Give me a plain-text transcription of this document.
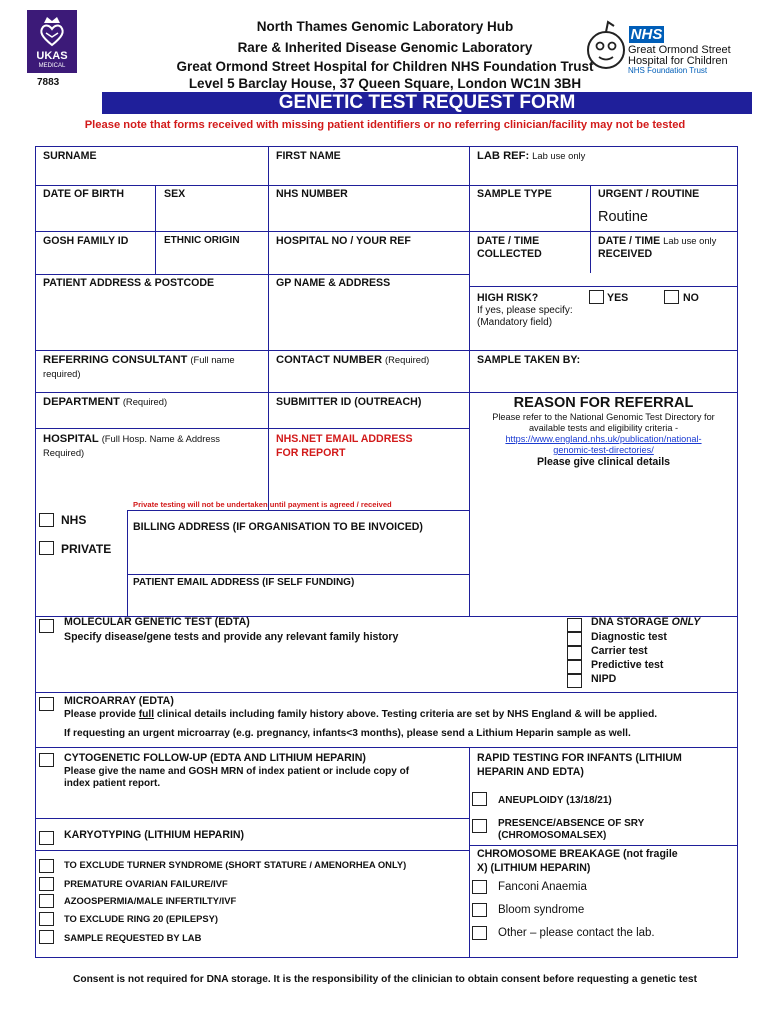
UKAS
MEDICAL
7883
North Thames Genomic Laboratory Hub
Rare & Inherited Disease Genomic Laboratory
Great Ormond Street Hospital for Children NHS Foundation Trust
Level 5 Barclay House, 37 Queen Square, London WC1N 3BH
NHS
Great Ormond Street
Hospital for Children
NHS Foundation Trust
GENETIC TEST REQUEST FORM
Please note that forms received with missing patient identifiers or no referring clinician/facility may not be tested
SURNAME	FIRST NAME	LAB REF: Lab use only
DATE OF BIRTH	SEX	NHS NUMBER	SAMPLE TYPE	URGENT / ROUTINE
Routine
GOSH FAMILY ID	ETHNIC ORIGIN	HOSPITAL NO / YOUR REF	DATE / TIME
COLLECTED
DATE / TIME Lab use only
RECEIVED
PATIENT ADDRESS & POSTCODE	GP NAME & ADDRESS
HIGH RISK?	YES	NO
If yes, please specify:
(Mandatory field)
REFERRING CONSULTANT (Full name
required)
CONTACT NUMBER (Required)	SAMPLE TAKEN BY:
DEPARTMENT (Required)	SUBMITTER ID (OUTREACH)	REASON FOR REFERRAL
Please refer to the National Genomic Test Directory for
available tests and eligibility criteria -
https://www.england.nhs.uk/publication/national-
genomic-test-directories/
Please give clinical details
HOSPITAL (Full Hosp. Name & Address
Required)
NHS.NET EMAIL ADDRESS
FOR REPORT
Private testing will not be undertaken until payment is agreed / received
NHS	BILLING ADDRESS (IF ORGANISATION TO BE INVOICED)
PRIVATE
PATIENT EMAIL ADDRESS (IF SELF FUNDING)
MOLECULAR GENETIC TEST (EDTA)
Specify disease/gene tests and provide any relevant family history
DNA STORAGE ONLY
Diagnostic test
Carrier test
Predictive test
NIPD
MICROARRAY (EDTA)
Please provide full clinical details including family history above. Testing criteria are set by NHS England & will be applied.
If requesting an urgent microarray (e.g. pregnancy, infants<3 months), please send a Lithium Heparin sample as well.
CYTOGENETIC FOLLOW-UP (EDTA AND LITHIUM HEPARIN)
Please give the name and GOSH MRN of index patient or include copy of
index patient report.
RAPID TESTING FOR INFANTS (LITHIUM
HEPARIN AND EDTA)
ANEUPLOIDY (13/18/21)
PRESENCE/ABSENCE OF SRY
(CHROMOSOMALSEX)
KARYOTYPING (LITHIUM HEPARIN)
TO EXCLUDE TURNER SYNDROME (SHORT STATURE / AMENORHEA ONLY)
PREMATURE OVARIAN FAILURE/IVF
AZOOSPERMIA/MALE INFERTILTY/IVF
TO EXCLUDE RING 20 (EPILEPSY)
SAMPLE REQUESTED BY LAB
CHROMOSOME BREAKAGE (not fragile
X) (LITHIUM HEPARIN)
Fanconi Anaemia
Bloom syndrome
Other – please contact the lab.
Consent is not required for DNA storage. It is the responsibility of the clinician to obtain consent before requesting a genetic test
